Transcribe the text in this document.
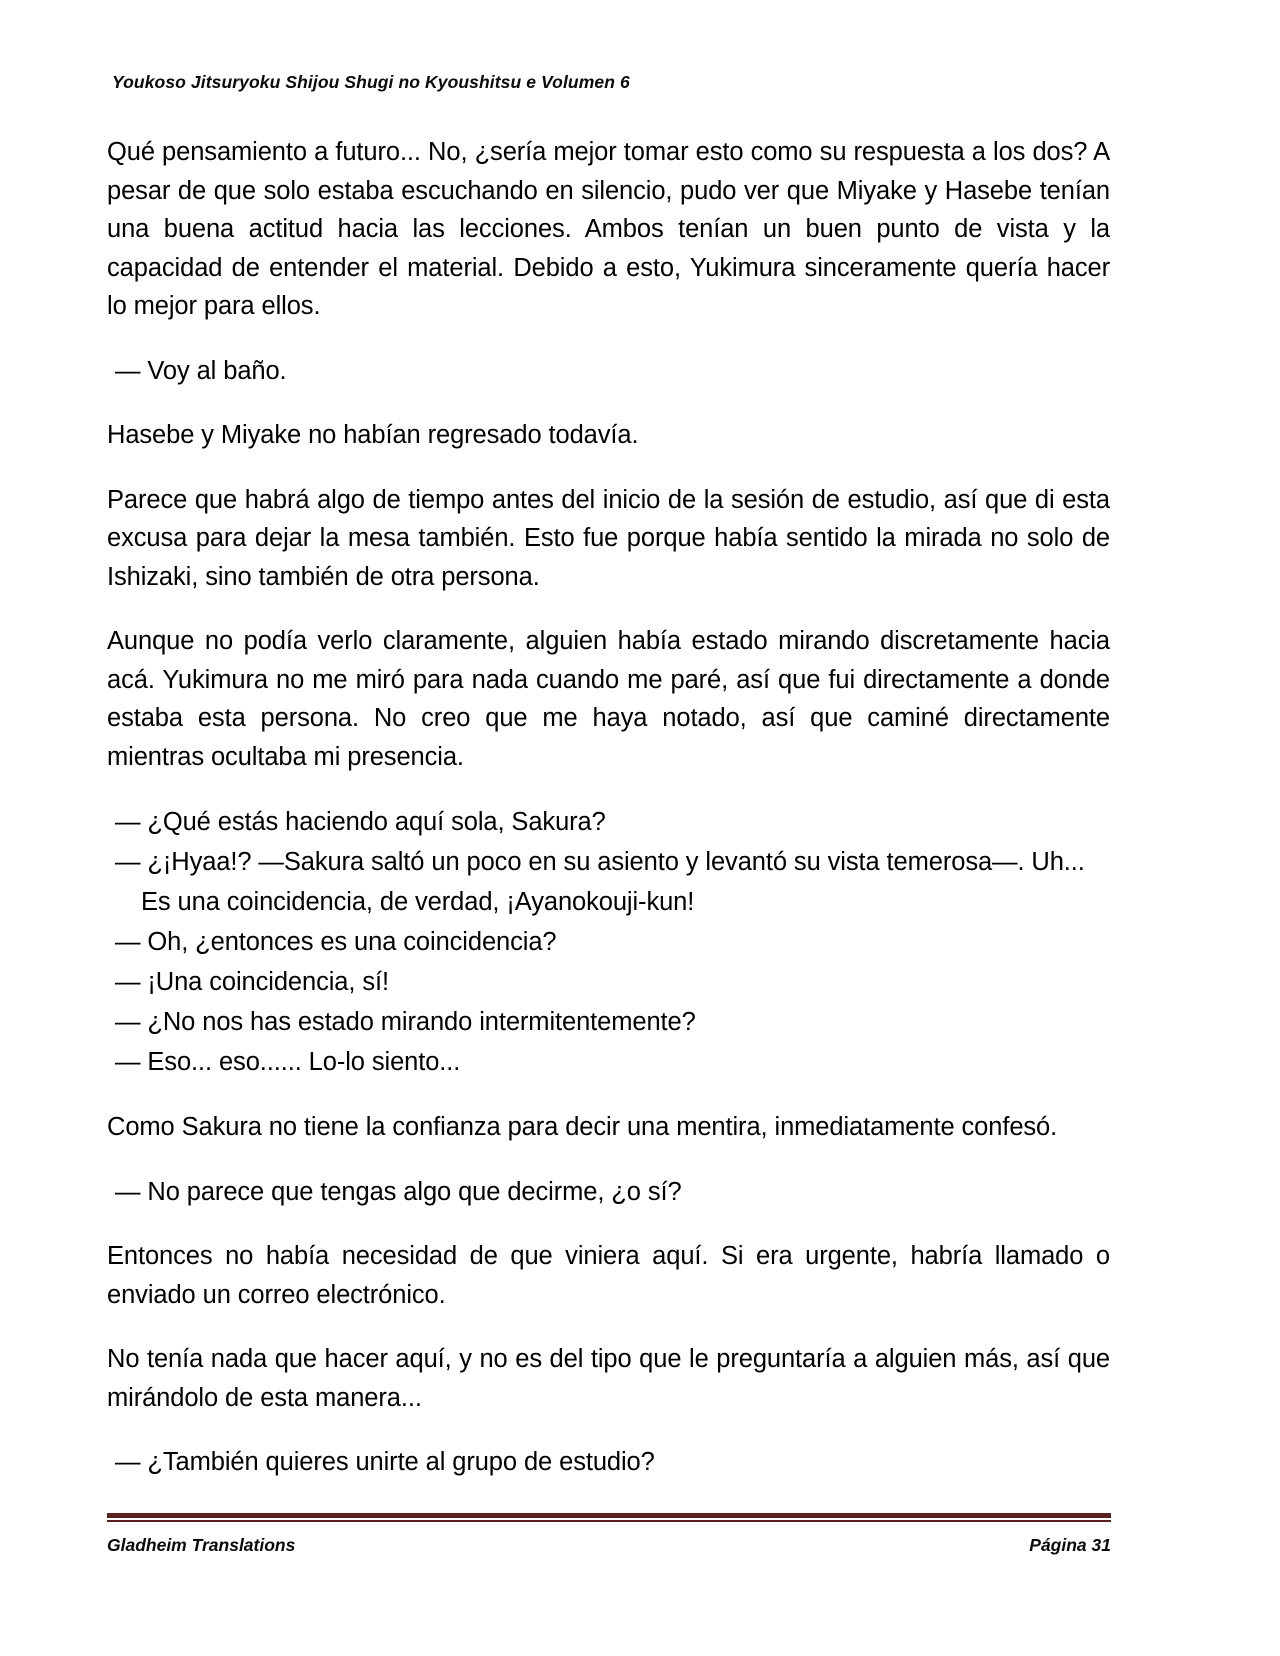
Youkoso Jitsuryoku Shijou Shugi no Kyoushitsu e Volumen 6

Qué pensamiento a futuro... No, ¿sería mejor tomar esto como su respuesta a los dos? A pesar de que solo estaba escuchando en silencio, pudo ver que Miyake y Hasebe tenían una buena actitud hacia las lecciones. Ambos tenían un buen punto de vista y la capacidad de entender el material. Debido a esto, Yukimura sinceramente quería hacer lo mejor para ellos.

— Voy al baño.

Hasebe y Miyake no habían regresado todavía.

Parece que habrá algo de tiempo antes del inicio de la sesión de estudio, así que di esta excusa para dejar la mesa también. Esto fue porque había sentido la mirada no solo de Ishizaki, sino también de otra persona.

Aunque no podía verlo claramente, alguien había estado mirando discretamente hacia acá. Yukimura no me miró para nada cuando me paré, así que fui directamente a donde estaba esta persona. No creo que me haya notado, así que caminé directamente mientras ocultaba mi presencia.

— ¿Qué estás haciendo aquí sola, Sakura?
— ¿¡Hyaa!? —Sakura saltó un poco en su asiento y levantó su vista temerosa—. Uh... Es una coincidencia, de verdad, ¡Ayanokouji-kun!
— Oh, ¿entonces es una coincidencia?
— ¡Una coincidencia, sí!
— ¿No nos has estado mirando intermitentemente?
— Eso... eso...... Lo-lo siento...

Como Sakura no tiene la confianza para decir una mentira, inmediatamente confesó.

— No parece que tengas algo que decirme, ¿o sí?

Entonces no había necesidad de que viniera aquí. Si era urgente, habría llamado o enviado un correo electrónico.

No tenía nada que hacer aquí, y no es del tipo que le preguntaría a alguien más, así que mirándolo de esta manera...

— ¿También quieres unirte al grupo de estudio?

Gladheim Translations	Página 31
